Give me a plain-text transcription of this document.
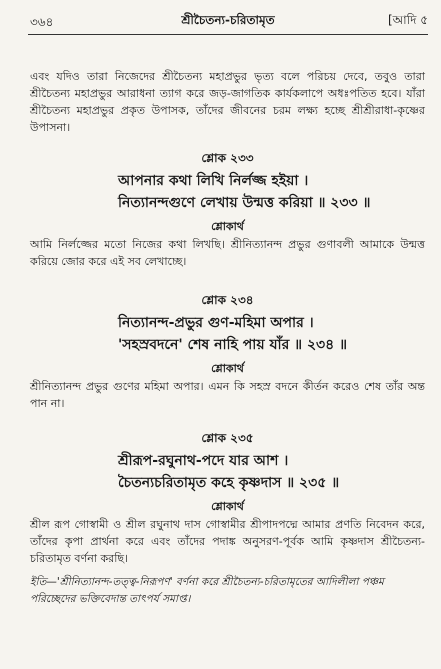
৩৬৪	শ্রীচৈতন্য-চরিতামৃত	[আদি ৫
এবং যদিও তারা নিজেদের শ্রীচৈতন্য মহাপ্রভুর ভৃত্য বলে পরিচয় দেবে, তবুও তারা শ্রীচৈতন্য মহাপ্রভুর আরাধনা ত্যাগ করে জড়-জাগতিক কার্যকলাপে অধঃপতিত হবে। যাঁরা শ্রীচৈতন্য মহাপ্রভুর প্রকৃত উপাসক, তাঁদের জীবনের চরম লক্ষ্য হচ্ছে শ্রীশ্রীরাধা-কৃষ্ণের উপাসনা।
শ্লোক ২৩৩
আপনার কথা লিখি নির্লজ্জ হইয়া ।
নিত্যানন্দগুণে লেখায় উন্মত্ত করিয়া ॥ ২৩৩ ॥
শ্লোকার্থ
আমি নির্লজ্জের মতো নিজের কথা লিখছি। শ্রীনিত্যানন্দ প্রভুর গুণাবলী আমাকে উন্মত্ত করিয়ে জোর করে এই সব লেখাচ্ছে।
শ্লোক ২৩৪
নিত্যানন্দ-প্রভুর গুণ-মহিমা অপার ।
'সহস্রবদনে' শেষ নাহি পায় যাঁর ॥ ২৩৪ ॥
শ্লোকার্থ
শ্রীনিত্যানন্দ প্রভুর গুণের মহিমা অপার। এমন কি সহস্র বদনে কীর্তন করেও শেষ তাঁর অন্ত পান না।
শ্লোক ২৩৫
শ্রীরূপ-রঘুনাথ-পদে যার আশ ।
চৈতন্যচরিতামৃত কহে কৃষ্ণদাস ॥ ২৩৫ ॥
শ্লোকার্থ
শ্রীল রূপ গোস্বামী ও শ্রীল রঘুনাথ দাস গোস্বামীর শ্রীপাদপদ্মে আমার প্রণতি নিবেদন করে, তাঁদের কৃপা প্রার্থনা করে এবং তাঁদের পদাঙ্ক অনুসরণ-পূর্বক আমি কৃষ্ণদাস শ্রীচৈতন্য-চরিতামৃত বর্ণনা করছি।
ইতি—'শ্রীনিত্যানন্দ-তত্ত্ব-নিরূপণ' বর্ণনা করে শ্রীচৈতন্য-চরিতামৃতের আদিলীলা পঞ্চম পরিচ্ছেদের ভক্তিবেদান্ত তাৎপর্য সমাপ্ত।
